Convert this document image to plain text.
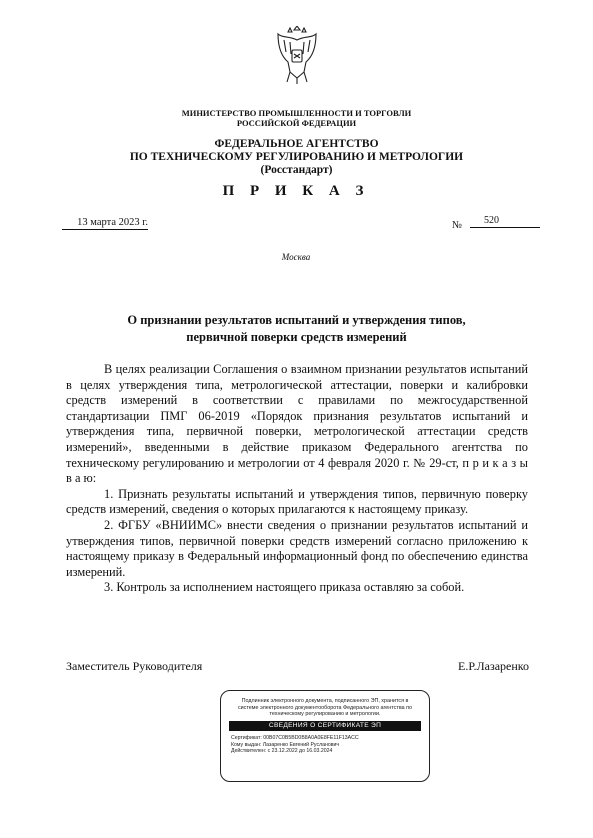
МИНИСТЕРСТВО ПРОМЫШЛЕННОСТИ И ТОРГОВЛИ
РОССИЙСКОЙ ФЕДЕРАЦИИ
ФЕДЕРАЛЬНОЕ АГЕНТСТВО
ПО ТЕХНИЧЕСКОМУ РЕГУЛИРОВАНИЮ И МЕТРОЛОГИИ
(Росстандарт)
П Р И К А З
13 марта 2023 г.	№	520
Москва
О признании результатов испытаний и утверждения типов,
первичной поверки средств измерений

В целях реализации Соглашения о взаимном признании результатов испытаний в целях утверждения типа, метрологической аттестации, поверки и калибровки средств измерений в соответствии с правилами по межгосударственной стандартизации ПМГ 06-2019 «Порядок признания результатов испытаний и утверждения типа, первичной поверки, метрологической аттестации средств измерений», введенными в действие приказом Федерального агентства по техническому регулированию и метрологии от 4 февраля 2020 г. № 29-ст, п р и к а з ы в а ю:

1. Признать результаты испытаний и утверждения типов, первичную поверку средств измерений, сведения о которых прилагаются к настоящему приказу.

2. ФГБУ «ВНИИМС» внести сведения о признании результатов испытаний и утверждения типов, первичной поверки средств измерений согласно приложению к настоящему приказу в Федеральный информационный фонд по обеспечению единства измерений.

3. Контроль за исполнением настоящего приказа оставляю за собой.

Заместитель Руководителя	Е.Р.Лазаренко
Подлинник электронного документа, подписанного ЭП, хранится в системе электронного документооборота Федерального агентства по техническому регулированию и метрологии.
СВЕДЕНИЯ О СЕРТИФИКАТЕ ЭП
Сертификат: 00B07C0B5BD0B8A0A0E8FE11F13ACC
Кому выдан: Лазаренко Евгений Русланович
Действителен: с 23.12.2022 до 16.03.2024
